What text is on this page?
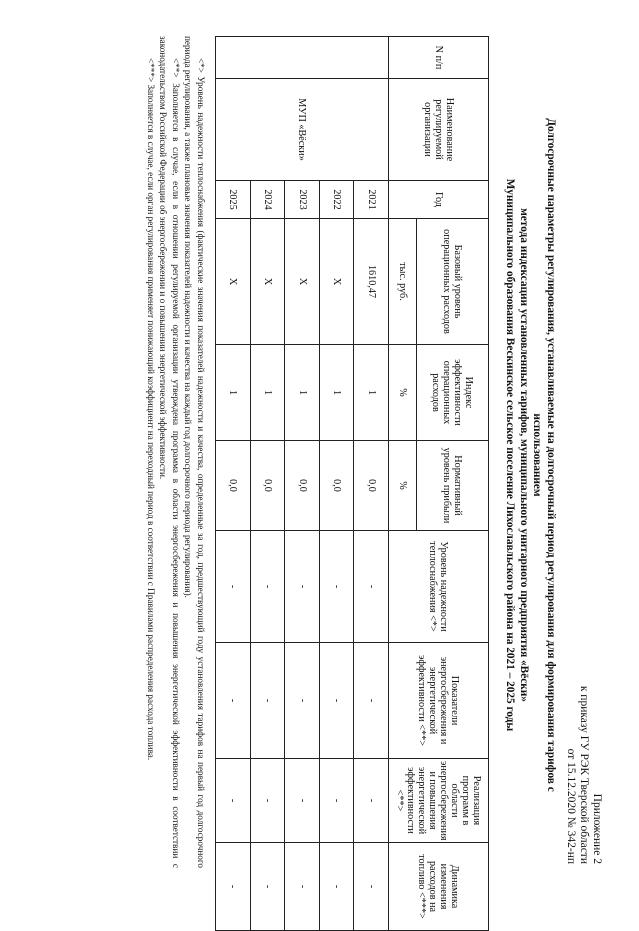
Приложение 2
к приказу ГУ РЭК Тверской области
от 15.12.2020 № 342-нп
Долгосрочные параметры регулирования, устанавливаемые на долгосрочный период регулирования для формирования тарифов с использованием
метода индексации установленных тарифов, муниципального унитарного предприятия «Вёски»
Муниципального образования Вескинское сельское поселение Лихославльского района на 2021 – 2025 годы
N п/п	Наименование регулируемой организации	Год	Базовый уровень операционных расходов	Индекс эффективности операционных расходов	Нормативный уровень прибыли	Уровень надежности теплоснабжения <*>	Показатели энергосбережения и энергетической эффективности <**>	Реализация программ в области энергосбережения и повышения энергетической эффективности <**>	Динамика изменения расходов на топливо <***>
			тыс. руб.	%	%				
	МУП «Вёски»	2021	1610,47	1	0,0	-	-	-	-
		2022	Х	1	0,0	-	-	-	-
		2023	Х	1	0,0	-	-	-	-
		2024	Х	1	0,0	-	-	-	-
		2025	Х	1	0,0	-	-	-	-

<*> Уровень надежности теплоснабжения (фактические значения показателей надежности и качества, определенные за год, предшествующий году установления тарифов на первый год долгосрочного периода регулирования, а также плановые значения показателей надежности и качества на каждый год долгосрочного периода регулирования).

<**> Заполняется в случае, если в отношении регулируемой организации утверждена программа в области энергосбережения и повышения энергетической эффективности в соответствии с законодательством Российской Федерации об энергосбережении и о повышении энергетической эффективности.

<***> Заполняется в случае, если орган регулирования применяет понижающий коэффициент на переходный период в соответствии с Правилами распределения расхода топлива.
